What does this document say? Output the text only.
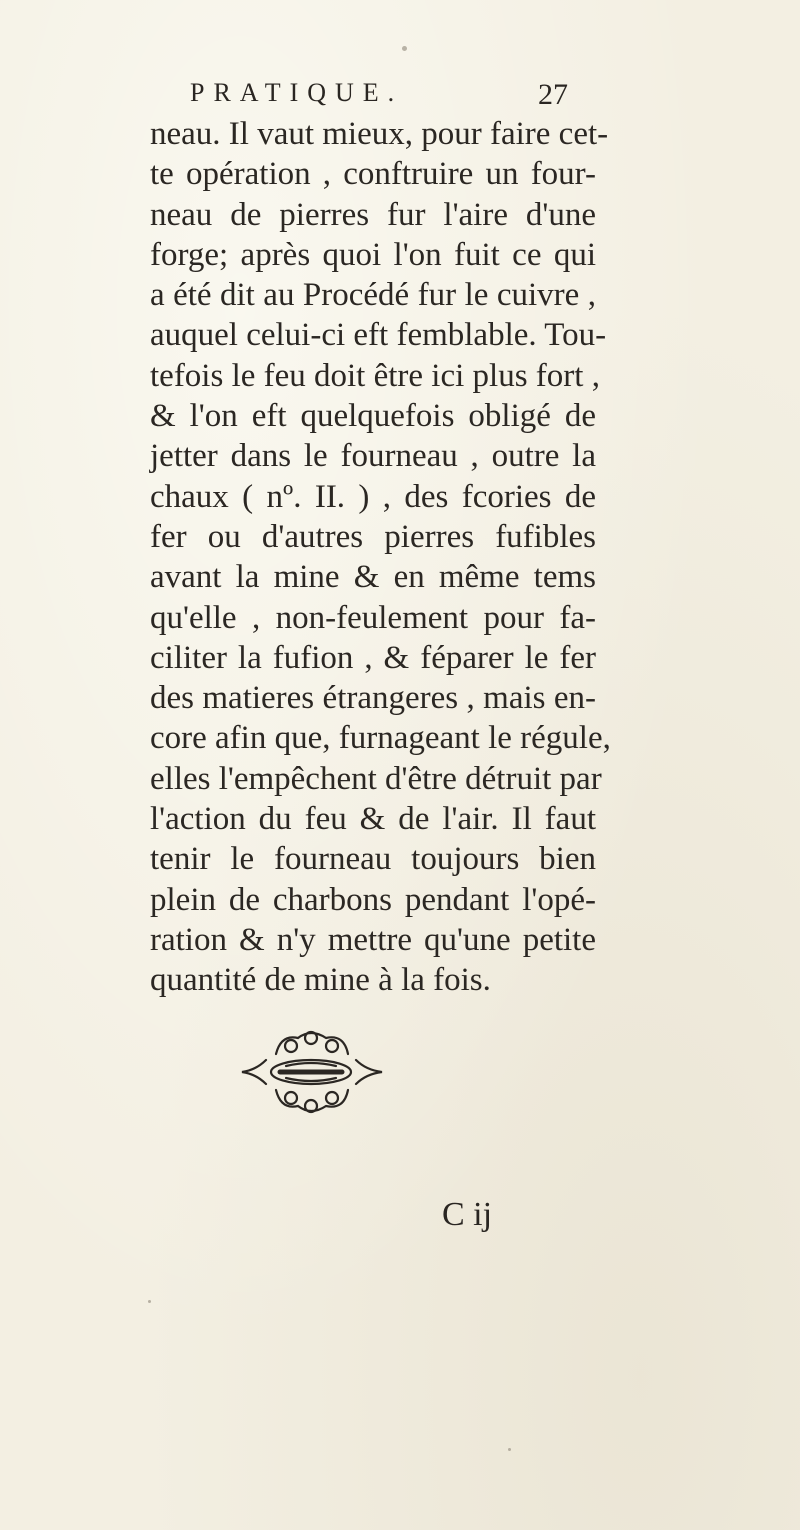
PRATIQUE.	27
neau. Il vaut mieux, pour faire cet-
te opération , conftruire un four-
neau de pierres fur l'aire d'une
forge; après quoi l'on fuit ce qui
a été dit au Procédé fur le cuivre ,
auquel celui-ci eft femblable. Tou-
tefois le feu doit être ici plus fort ,
& l'on eft quelquefois obligé de
jetter dans le fourneau , outre la
chaux ( nº. II. ) , des fcories de
fer ou d'autres pierres fufibles
avant la mine & en même tems
qu'elle , non-feulement pour fa-
ciliter la fufion , & féparer le fer
des matieres étrangeres , mais en-
core afin que, furnageant le régule,
elles l'empêchent d'être détruit par
l'action du feu & de l'air. Il faut
tenir le fourneau toujours bien
plein de charbons pendant l'opé-
ration & n'y mettre qu'une petite
quantité de mine à la fois.
C ij
